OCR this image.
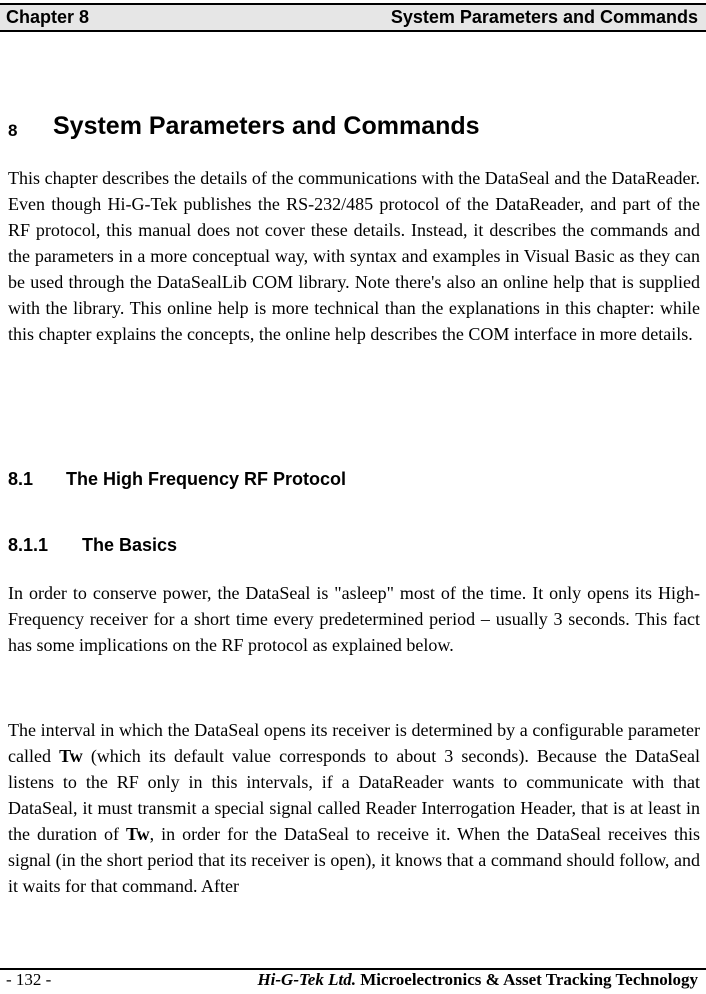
Chapter 8	System Parameters and Commands
8 System Parameters and Commands

This chapter describes the details of the communications with the DataSeal and the DataReader. Even though Hi-G-Tek publishes the RS-232/485 protocol of the DataReader, and part of the RF protocol, this manual does not cover these details. Instead, it describes the commands and the parameters in a more conceptual way, with syntax and examples in Visual Basic as they can be used through the DataSealLib COM library. Note there's also an online help that is supplied with the library. This online help is more technical than the explanations in this chapter: while this chapter explains the concepts, the online help describes the COM interface in more details.

8.1 The High Frequency RF Protocol
8.1.1 The Basics

In order to conserve power, the DataSeal is "asleep" most of the time. It only opens its High-Frequency receiver for a short time every predetermined period – usually 3 seconds. This fact has some implications on the RF protocol as explained below.

The interval in which the DataSeal opens its receiver is determined by a configurable parameter called Tw (which its default value corresponds to about 3 seconds). Because the DataSeal listens to the RF only in this intervals, if a DataReader wants to communicate with that DataSeal, it must transmit a special signal called Reader Interrogation Header, that is at least in the duration of Tw, in order for the DataSeal to receive it. When the DataSeal receives this signal (in the short period that its receiver is open), it knows that a command should follow, and it waits for that command. After

- 132 -	Hi-G-Tek Ltd. Microelectronics & Asset Tracking Technology
